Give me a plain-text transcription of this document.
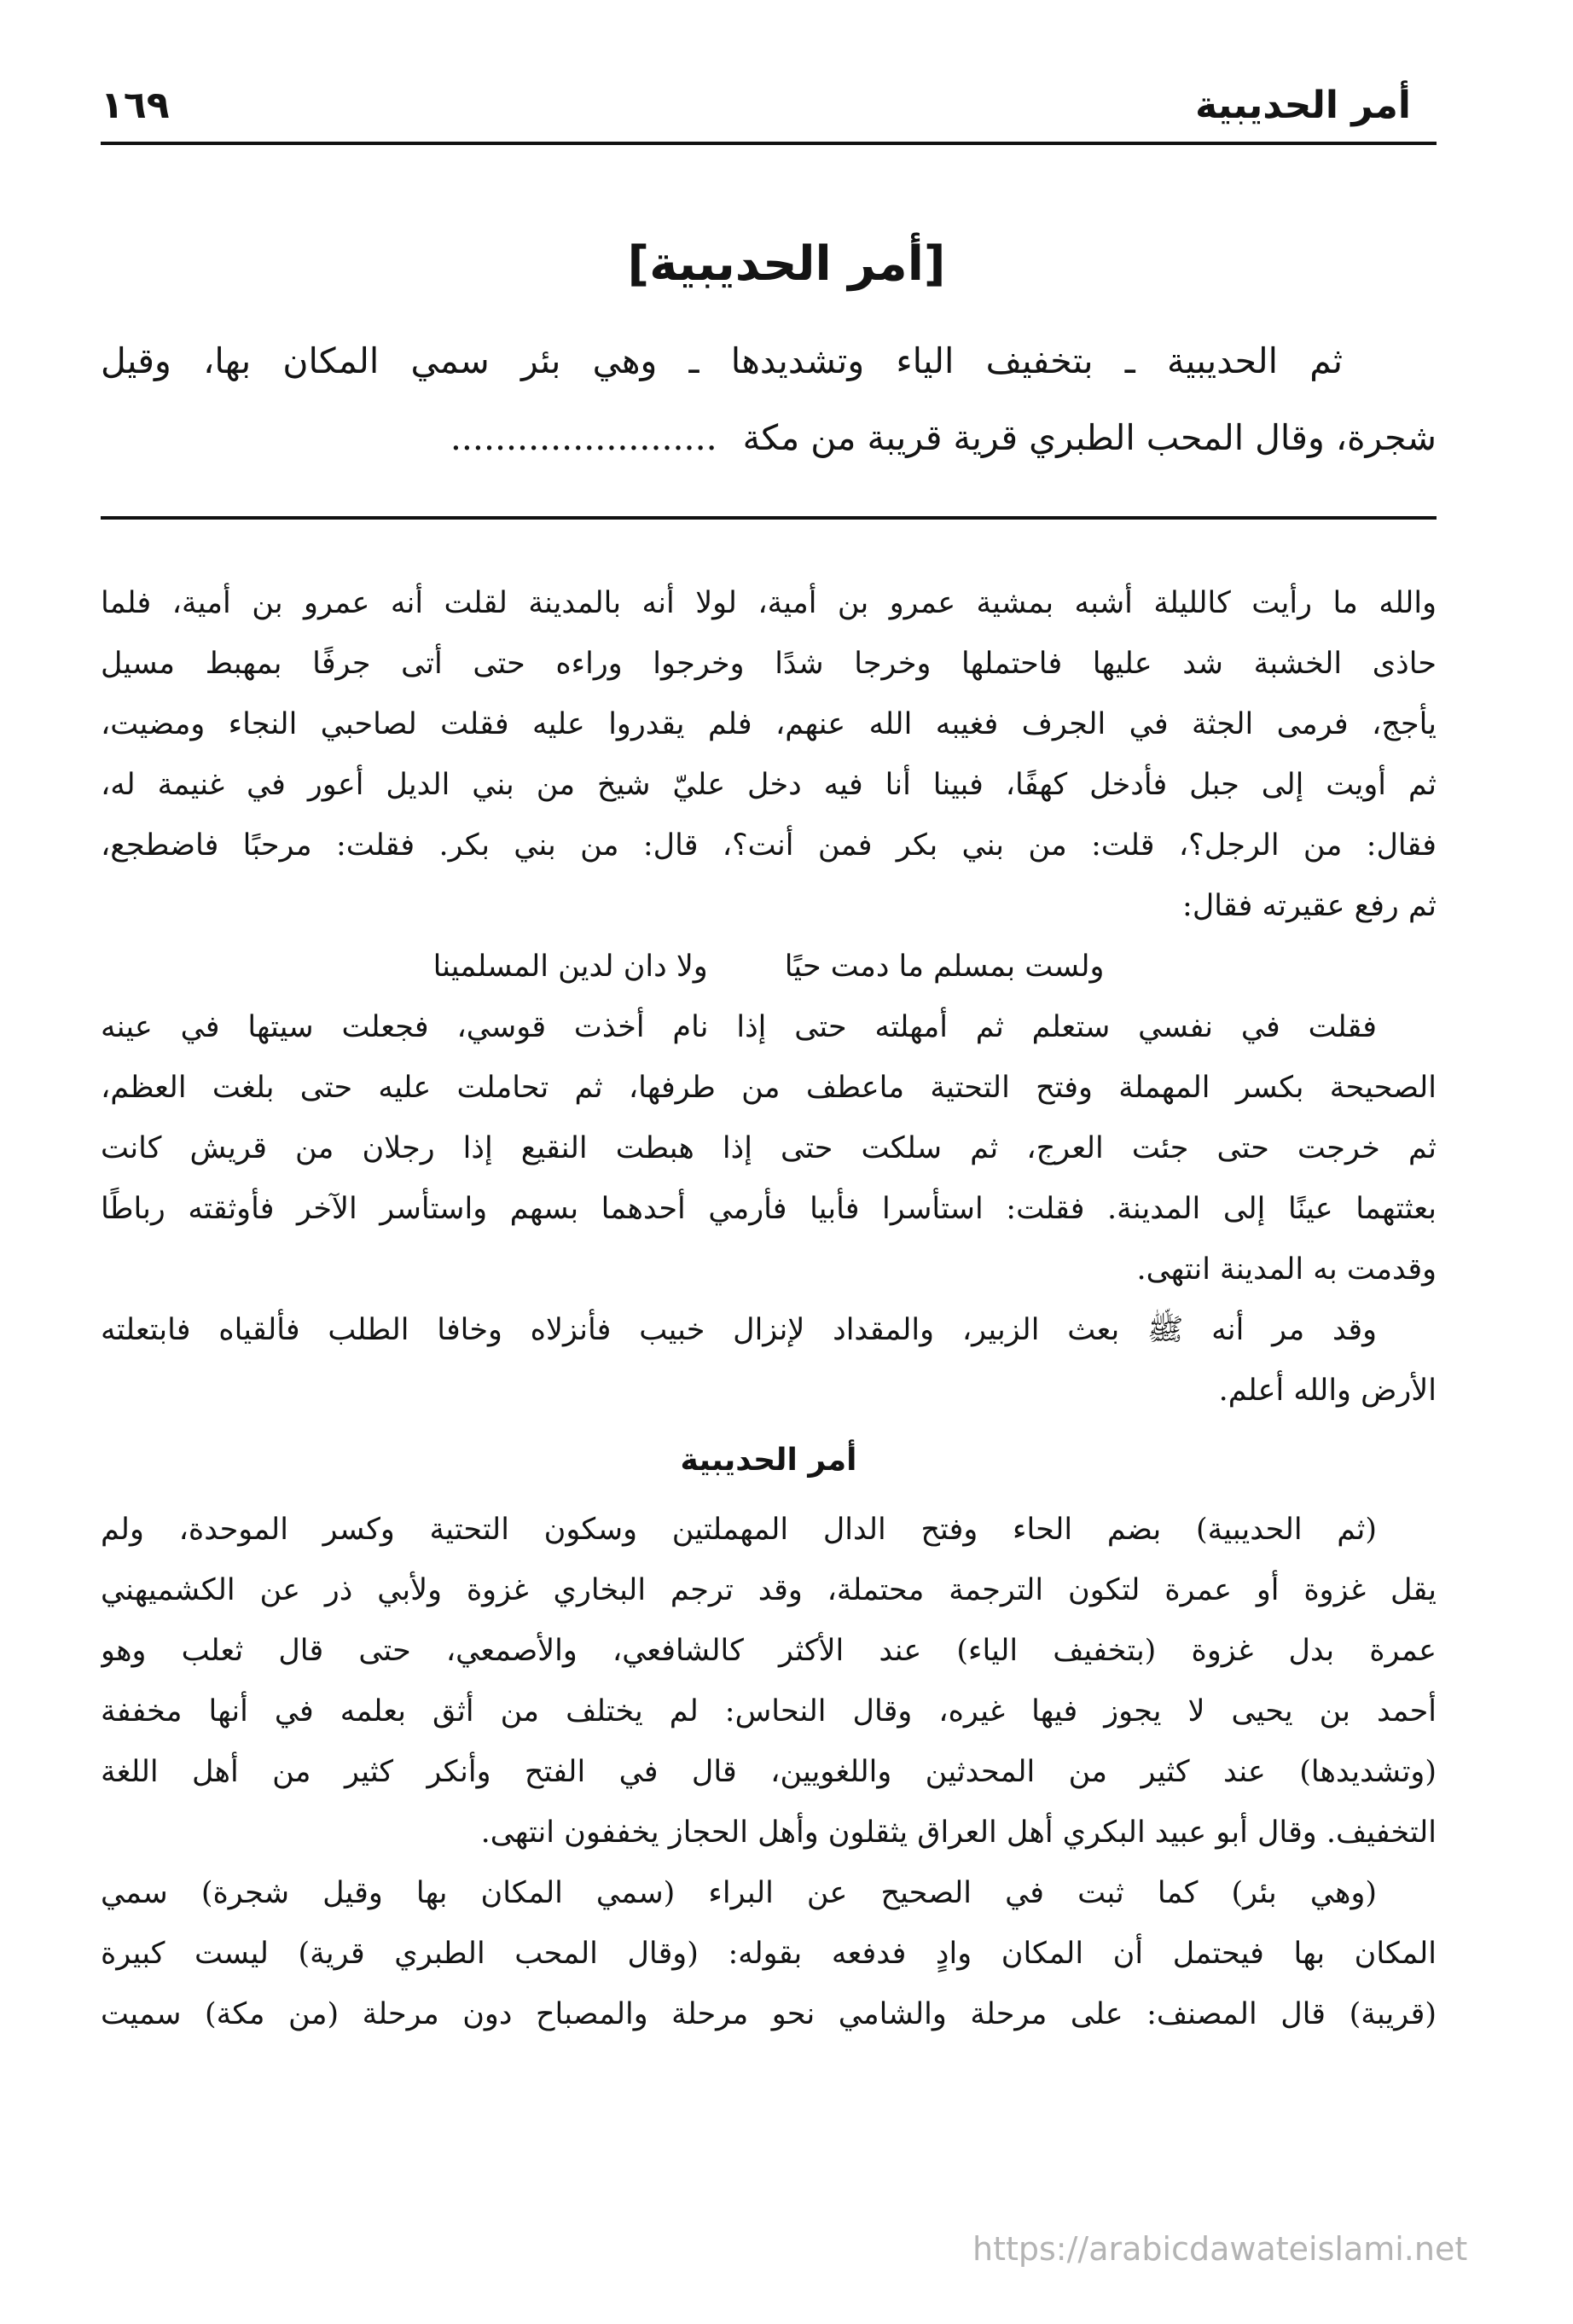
أمر الحديبية
١٦٩
[أمر الحديبية]
ثم الحديبية ـ بتخفيف الياء وتشديدها ـ وهي بئر سمي المكان بها، وقيل
شجرة، وقال المحب الطبري قرية قريبة من مكة........................
والله ما رأيت كالليلة أشبه بمشية عمرو بن أمية، لولا أنه بالمدينة لقلت أنه عمرو بن أمية، فلما
حاذى الخشبة شد عليها فاحتملها وخرجا شدًا وخرجوا وراءه حتى أتى جرفًا بمهبط مسيل
يأجج، فرمى الجثة في الجرف فغيبه الله عنهم، فلم يقدروا عليه فقلت لصاحبي النجاء ومضيت،
ثم أويت إلى جبل فأدخل كهفًا، فبينا أنا فيه دخل عليّ شيخ من بني الديل أعور في غنيمة له،
فقال: من الرجل؟، قلت: من بني بكر فمن أنت؟، قال: من بني بكر. فقلت: مرحبًا فاضطجع،
ثم رفع عقيرته فقال:
ولست بمسلم ما دمت حيًا
ولا دان لدين المسلمينا
فقلت في نفسي ستعلم ثم أمهلته حتى إذا نام أخذت قوسي، فجعلت سيتها في عينه
الصحيحة بكسر المهملة وفتح التحتية ماعطف من طرفها، ثم تحاملت عليه حتى بلغت العظم،
ثم خرجت حتى جئت العرج، ثم سلكت حتى إذا هبطت النقيع إذا رجلان من قريش كانت
بعثتهما عينًا إلى المدينة. فقلت: استأسرا فأبيا فأرمي أحدهما بسهم واستأسر الآخر فأوثقته رباطًا
وقدمت به المدينة انتهى.
وقد مر أنه ﷺ بعث الزبير، والمقداد لإنزال خبيب فأنزلاه وخافا الطلب فألقياه فابتعلته
الأرض والله أعلم.
أمر الحديبية
(ثم الحديبية) بضم الحاء وفتح الدال المهملتين وسكون التحتية وكسر الموحدة، ولم
يقل غزوة أو عمرة لتكون الترجمة محتملة، وقد ترجم البخاري غزوة ولأبي ذر عن الكشميهني
عمرة بدل غزوة (بتخفيف الياء) عند الأكثر كالشافعي، والأصمعي، حتى قال ثعلب وهو
أحمد بن يحيى لا يجوز فيها غيره، وقال النحاس: لم يختلف من أثق بعلمه في أنها مخففة
(وتشديدها) عند كثير من المحدثين واللغويين، قال في الفتح وأنكر كثير من أهل اللغة
التخفيف. وقال أبو عبيد البكري أهل العراق يثقلون وأهل الحجاز يخففون انتهى.
(وهي بئر) كما ثبت في الصحيح عن البراء (سمي المكان بها وقيل شجرة) سمي
المكان بها فيحتمل أن المكان وادٍ فدفعه بقوله: (وقال المحب الطبري قرية) ليست كبيرة
(قريبة) قال المصنف: على مرحلة والشامي نحو مرحلة والمصباح دون مرحلة (من مكة) سميت
https://arabicdawateislami.net
